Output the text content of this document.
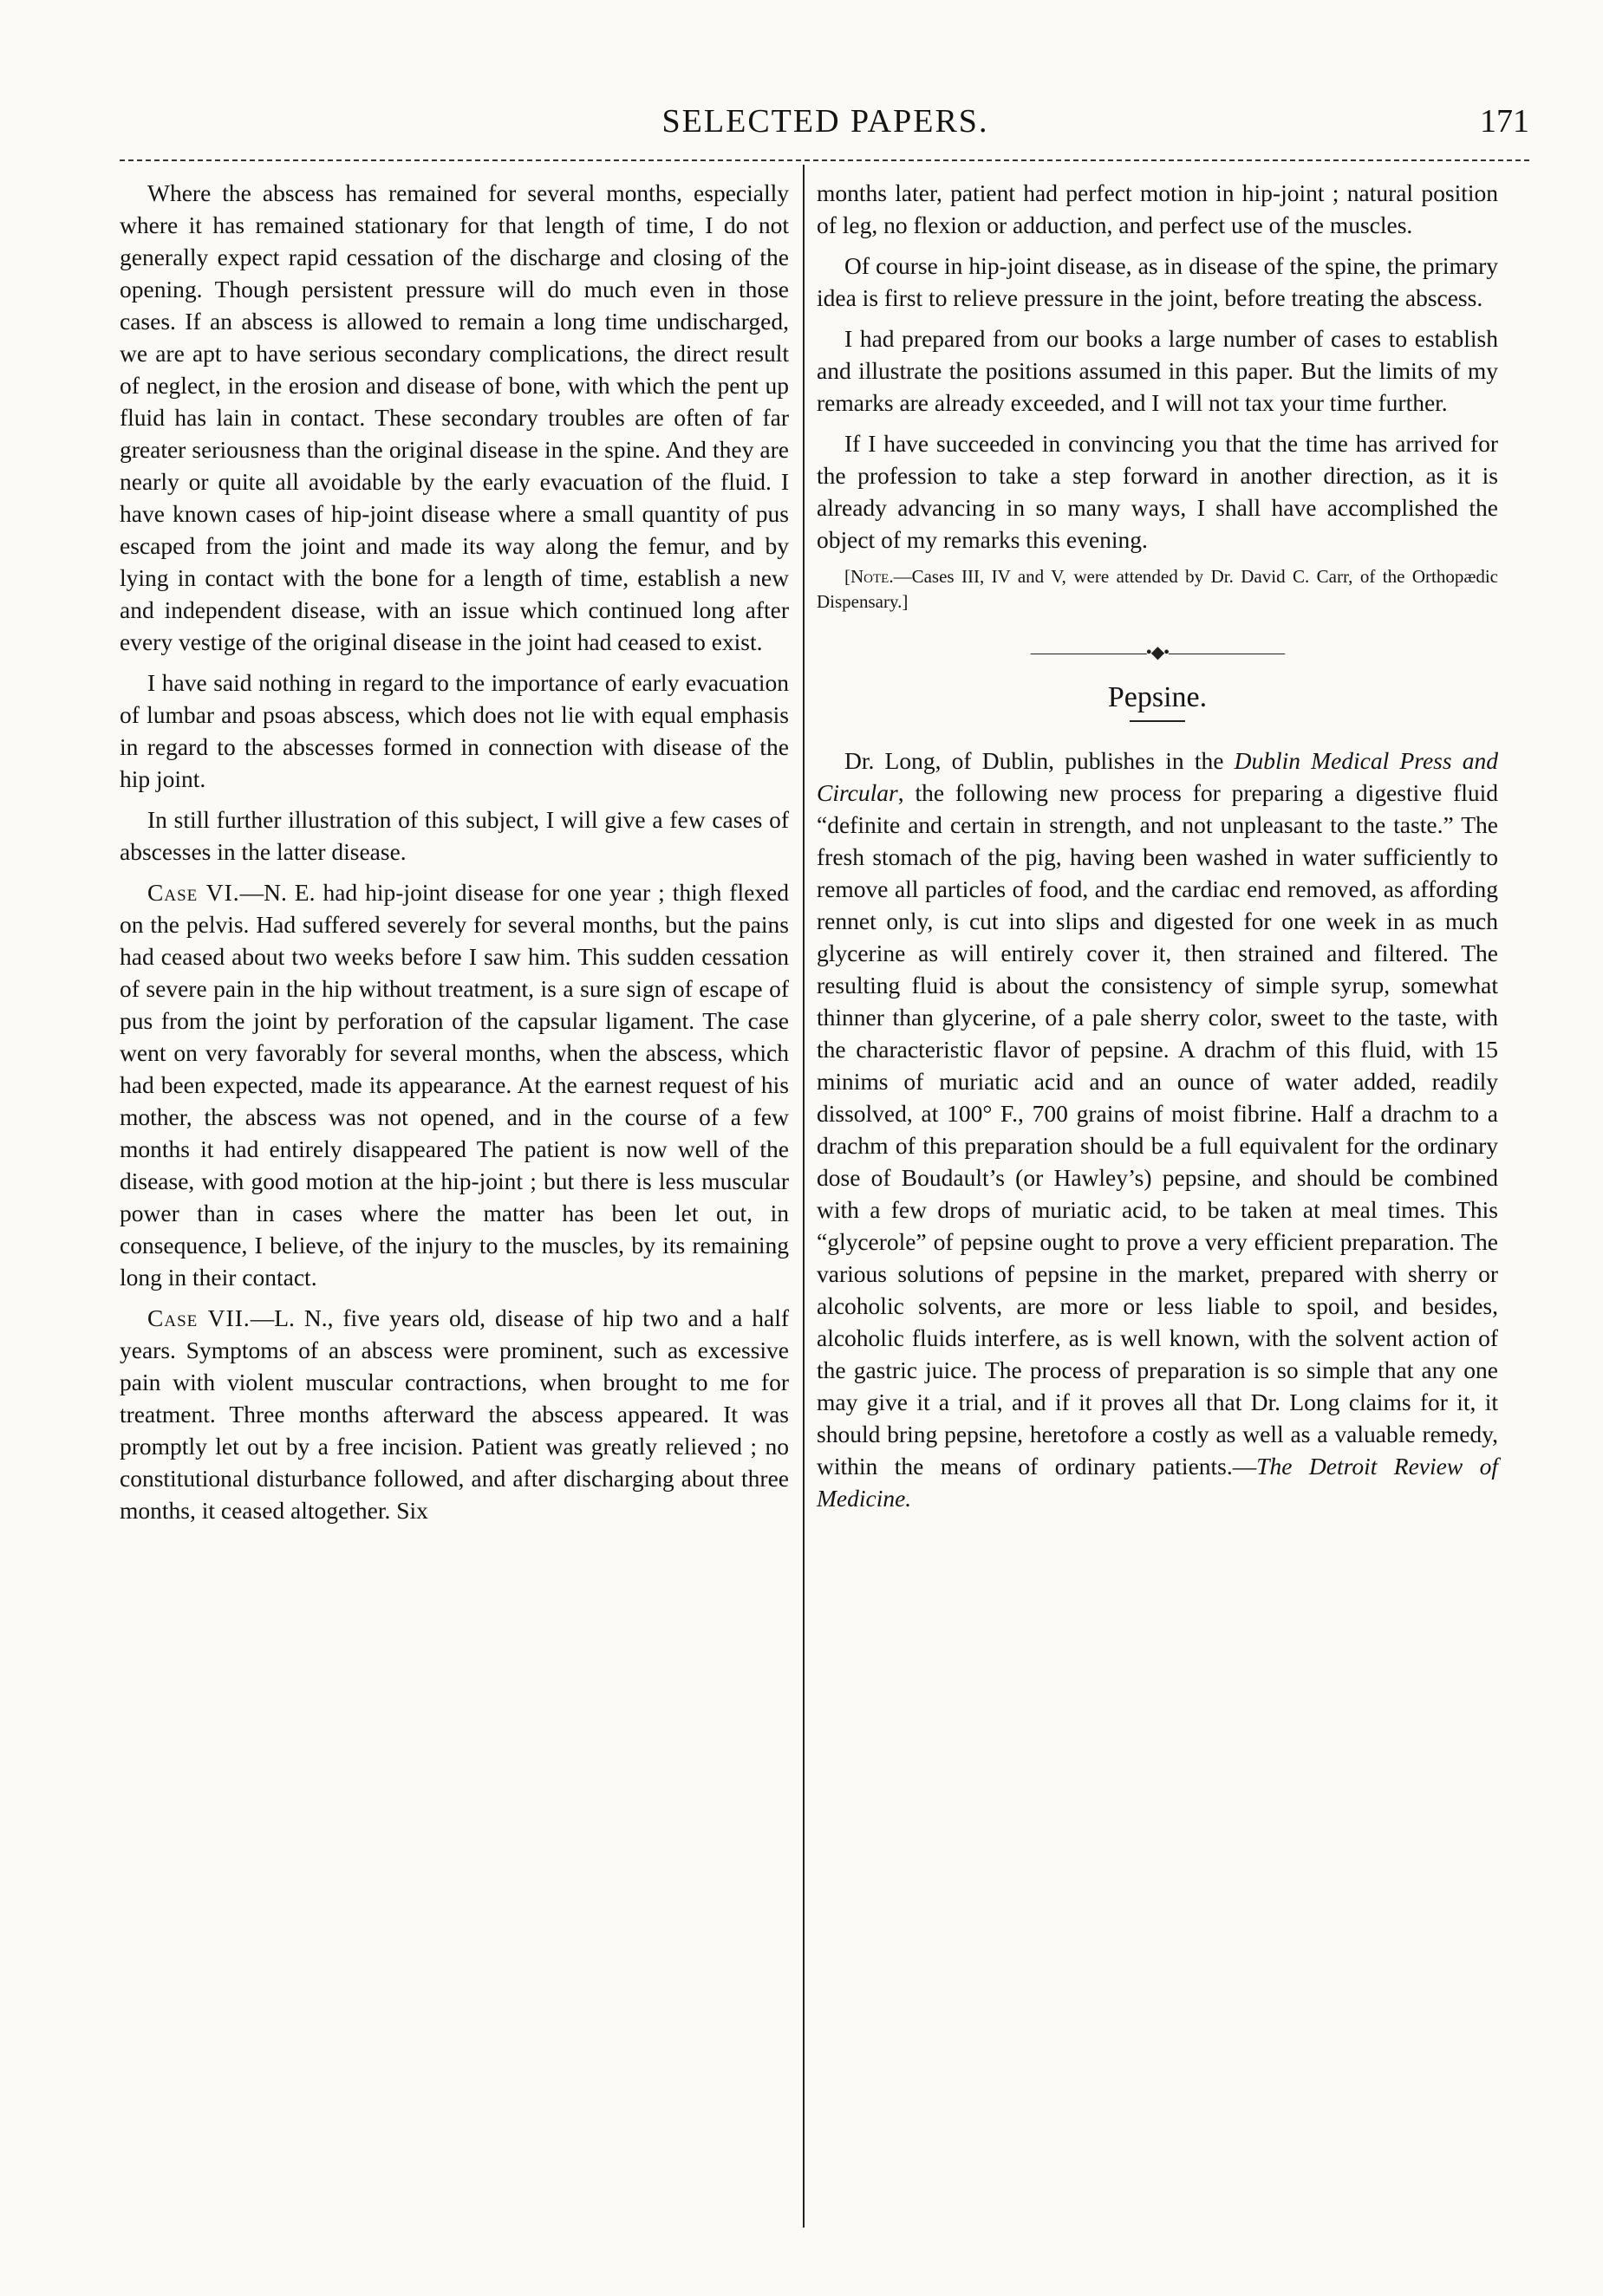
SELECTED PAPERS.	171

Where the abscess has remained for several months, especially where it has remained stationary for that length of time, I do not generally expect rapid cessation of the discharge and closing of the opening. Though persistent pressure will do much even in those cases. If an abscess is allowed to remain a long time undischarged, we are apt to have serious secondary complications, the direct result of neglect, in the erosion and disease of bone, with which the pent up fluid has lain in contact. These secondary troubles are often of far greater seriousness than the original disease in the spine. And they are nearly or quite all avoidable by the early evacuation of the fluid. I have known cases of hip-joint disease where a small quantity of pus escaped from the joint and made its way along the femur, and by lying in contact with the bone for a length of time, establish a new and independent disease, with an issue which continued long after every vestige of the original disease in the joint had ceased to exist.

I have said nothing in regard to the importance of early evacuation of lumbar and psoas abscess, which does not lie with equal emphasis in regard to the abscesses formed in connection with disease of the hip joint.

In still further illustration of this subject, I will give a few cases of abscesses in the latter disease.

Case VI.—N. E. had hip-joint disease for one year ; thigh flexed on the pelvis. Had suffered severely for several months, but the pains had ceased about two weeks before I saw him. This sudden cessation of severe pain in the hip without treatment, is a sure sign of escape of pus from the joint by perforation of the capsular ligament. The case went on very favorably for several months, when the abscess, which had been expected, made its appearance. At the earnest request of his mother, the abscess was not opened, and in the course of a few months it had entirely disappeared The patient is now well of the disease, with good motion at the hip-joint ; but there is less muscular power than in cases where the matter has been let out, in consequence, I believe, of the injury to the muscles, by its remaining long in their contact.

Case VII.—L. N., five years old, disease of hip two and a half years. Symptoms of an abscess were prominent, such as excessive pain with violent muscular contractions, when brought to me for treatment. Three months afterward the abscess appeared. It was promptly let out by a free incision. Patient was greatly relieved ; no constitutional disturbance followed, and after discharging about three months, it ceased altogether. Six

months later, patient had perfect motion in hip-joint ; natural position of leg, no flexion or adduction, and perfect use of the muscles.

Of course in hip-joint disease, as in disease of the spine, the primary idea is first to relieve pressure in the joint, before treating the abscess.

I had prepared from our books a large number of cases to establish and illustrate the positions assumed in this paper. But the limits of my remarks are already exceeded, and I will not tax your time further.

If I have succeeded in convincing you that the time has arrived for the profession to take a step forward in another direction, as it is already advancing in so many ways, I shall have accomplished the object of my remarks this evening.

[Note.—Cases III, IV and V, were attended by Dr. David C. Carr, of the Orthopædic Dispensary.]

———————•◆•———————
Pepsine.

Dr. Long, of Dublin, publishes in the Dublin Medical Press and Circular, the following new process for preparing a digestive fluid “definite and certain in strength, and not unpleasant to the taste.” The fresh stomach of the pig, having been washed in water sufficiently to remove all particles of food, and the cardiac end removed, as affording rennet only, is cut into slips and digested for one week in as much glycerine as will entirely cover it, then strained and filtered. The resulting fluid is about the consistency of simple syrup, somewhat thinner than glycerine, of a pale sherry color, sweet to the taste, with the characteristic flavor of pepsine. A drachm of this fluid, with 15 minims of muriatic acid and an ounce of water added, readily dissolved, at 100° F., 700 grains of moist fibrine. Half a drachm to a drachm of this preparation should be a full equivalent for the ordinary dose of Boudault’s (or Hawley’s) pepsine, and should be combined with a few drops of muriatic acid, to be taken at meal times. This “glycerole” of pepsine ought to prove a very efficient preparation. The various solutions of pepsine in the market, prepared with sherry or alcoholic solvents, are more or less liable to spoil, and besides, alcoholic fluids interfere, as is well known, with the solvent action of the gastric juice. The process of preparation is so simple that any one may give it a trial, and if it proves all that Dr. Long claims for it, it should bring pepsine, heretofore a costly as well as a valuable remedy, within the means of ordinary patients.—The Detroit Review of Medicine.
